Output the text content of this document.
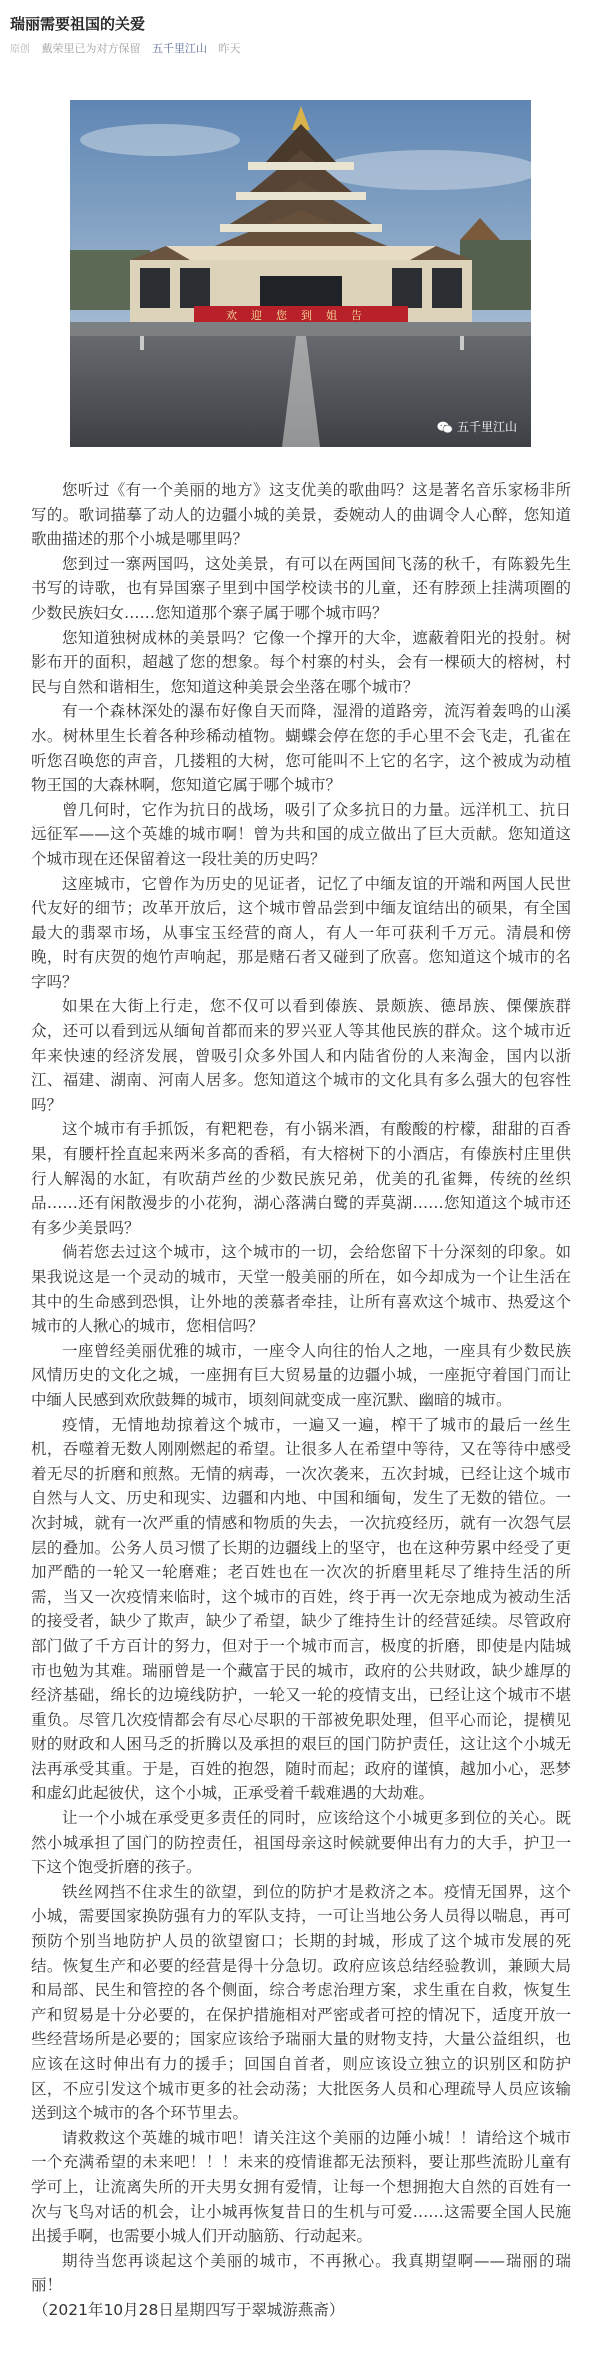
瑞丽需要祖国的关爱
原创 戴荣里已为对方保留 五千里江山 昨天
欢迎您到姐告
五千里江山

您听过《有一个美丽的地方》这支优美的歌曲吗？这是著名音乐家杨非所写的。歌词描摹了动人的边疆小城的美景，委婉动人的曲调令人心醉，您知道歌曲描述的那个小城是哪里吗？

您到过一寨两国吗，这处美景，有可以在两国间飞荡的秋千，有陈毅先生书写的诗歌，也有异国寨子里到中国学校读书的儿童，还有脖颈上挂满项圈的少数民族妇女……您知道那个寨子属于哪个城市吗？

您知道独树成林的美景吗？它像一个撑开的大伞，遮蔽着阳光的投射。树影布开的面积，超越了您的想象。每个村寨的村头，会有一棵硕大的榕树，村民与自然和谐相生，您知道这种美景会坐落在哪个城市？

有一个森林深处的瀑布好像自天而降，湿滑的道路旁，流泻着轰鸣的山溪水。树林里生长着各种珍稀动植物。蝴蝶会停在您的手心里不会飞走，孔雀在听您召唤您的声音，几搂粗的大树，您可能叫不上它的名字，这个被成为动植物王国的大森林啊，您知道它属于哪个城市？

曾几何时，它作为抗日的战场，吸引了众多抗日的力量。远洋机工、抗日远征军——这个英雄的城市啊！曾为共和国的成立做出了巨大贡献。您知道这个城市现在还保留着这一段壮美的历史吗？

这座城市，它曾作为历史的见证者，记忆了中缅友谊的开端和两国人民世代友好的细节；改革开放后，这个城市曾品尝到中缅友谊结出的硕果，有全国最大的翡翠市场，从事宝玉经营的商人，有人一年可获利千万元。清晨和傍晚，时有庆贺的炮竹声响起，那是赌石者又碰到了欣喜。您知道这个城市的名字吗？

如果在大街上行走，您不仅可以看到傣族、景颇族、德昂族、傈僳族群众，还可以看到远从缅甸首都而来的罗兴亚人等其他民族的群众。这个城市近年来快速的经济发展，曾吸引众多外国人和内陆省份的人来淘金，国内以浙江、福建、湖南、河南人居多。您知道这个城市的文化具有多么强大的包容性吗？

这个城市有手抓饭，有粑粑卷，有小锅米酒，有酸酸的柠檬，甜甜的百香果，有腰杆拴直起来两米多高的香稻，有大榕树下的小酒店，有傣族村庄里供行人解渴的水缸，有吹葫芦丝的少数民族兄弟，优美的孔雀舞，传统的丝织品……还有闲散漫步的小花狗，湖心落满白鹭的弄莫湖……您知道这个城市还有多少美景吗？

倘若您去过这个城市，这个城市的一切，会给您留下十分深刻的印象。如果我说这是一个灵动的城市，天堂一般美丽的所在，如今却成为一个让生活在其中的生命感到恐惧，让外地的羡慕者牵挂，让所有喜欢这个城市、热爱这个城市的人揪心的城市，您相信吗？

一座曾经美丽优雅的城市，一座令人向往的怡人之地，一座具有少数民族风情历史的文化之城，一座拥有巨大贸易量的边疆小城，一座扼守着国门而让中缅人民感到欢欣鼓舞的城市，顷刻间就变成一座沉默、幽暗的城市。

疫情，无情地劫掠着这个城市，一遍又一遍，榨干了城市的最后一丝生机，吞噬着无数人刚刚燃起的希望。让很多人在希望中等待，又在等待中感受着无尽的折磨和煎熬。无情的病毒，一次次袭来，五次封城，已经让这个城市自然与人文、历史和现实、边疆和内地、中国和缅甸，发生了无数的错位。一次封城，就有一次严重的情感和物质的失去，一次抗疫经历，就有一次怨气层层的叠加。公务人员习惯了长期的边疆线上的坚守，也在这种劳累中经受了更加严酷的一轮又一轮磨难；老百姓也在一次次的折磨里耗尽了维持生活的所需，当又一次疫情来临时，这个城市的百姓，终于再一次无奈地成为被动生活的接受者，缺少了欺声，缺少了希望，缺少了维持生计的经营延续。尽管政府部门做了千方百计的努力，但对于一个城市而言，极度的折磨，即使是内陆城市也勉为其难。瑞丽曾是一个藏富于民的城市，政府的公共财政，缺少雄厚的经济基础，绵长的边境线防护，一轮又一轮的疫情支出，已经让这个城市不堪重负。尽管几次疫情都会有尽心尽职的干部被免职处理，但平心而论，提横见财的财政和人困马乏的折腾以及承担的艰巨的国门防护责任，这让这个小城无法再承受其重。于是，百姓的抱怨，随时而起；政府的谨慎，越加小心，恶梦和虚幻此起彼伏，这个小城，正承受着千载难遇的大劫难。

让一个小城在承受更多责任的同时，应该给这个小城更多到位的关心。既然小城承担了国门的防控责任，祖国母亲这时候就要伸出有力的大手，护卫一下这个饱受折磨的孩子。

铁丝网挡不住求生的欲望，到位的防护才是救济之本。疫情无国界，这个小城，需要国家换防强有力的军队支持，一可让当地公务人员得以喘息，再可预防个别当地防护人员的欲望窗口；长期的封城，形成了这个城市发展的死结。恢复生产和必要的经营是得十分急切。政府应该总结经验教训，兼顾大局和局部、民生和管控的各个侧面，综合考虑治理方案，求生重在自救，恢复生产和贸易是十分必要的，在保护措施相对严密或者可控的情况下，适度开放一些经营场所是必要的；国家应该给予瑞丽大量的财物支持，大量公益组织，也应该在这时伸出有力的援手；回国自首者，则应该设立独立的识别区和防护区，不应引发这个城市更多的社会动荡；大批医务人员和心理疏导人员应该输送到这个城市的各个环节里去。

请救救这个英雄的城市吧！请关注这个美丽的边陲小城！！请给这个城市一个充满希望的未来吧！！！未来的疫情谁都无法预料，要让那些流盼儿童有学可上，让流离失所的开夫男女拥有爱情，让每一个想拥抱大自然的百姓有一次与飞鸟对话的机会，让小城再恢复昔日的生机与可爱……这需要全国人民施出援手啊，也需要小城人们开动脑筋、行动起来。

期待当您再谈起这个美丽的城市，不再揪心。我真期望啊——瑞丽的瑞丽！

（2021年10月28日星期四写于翠城游燕斋）
